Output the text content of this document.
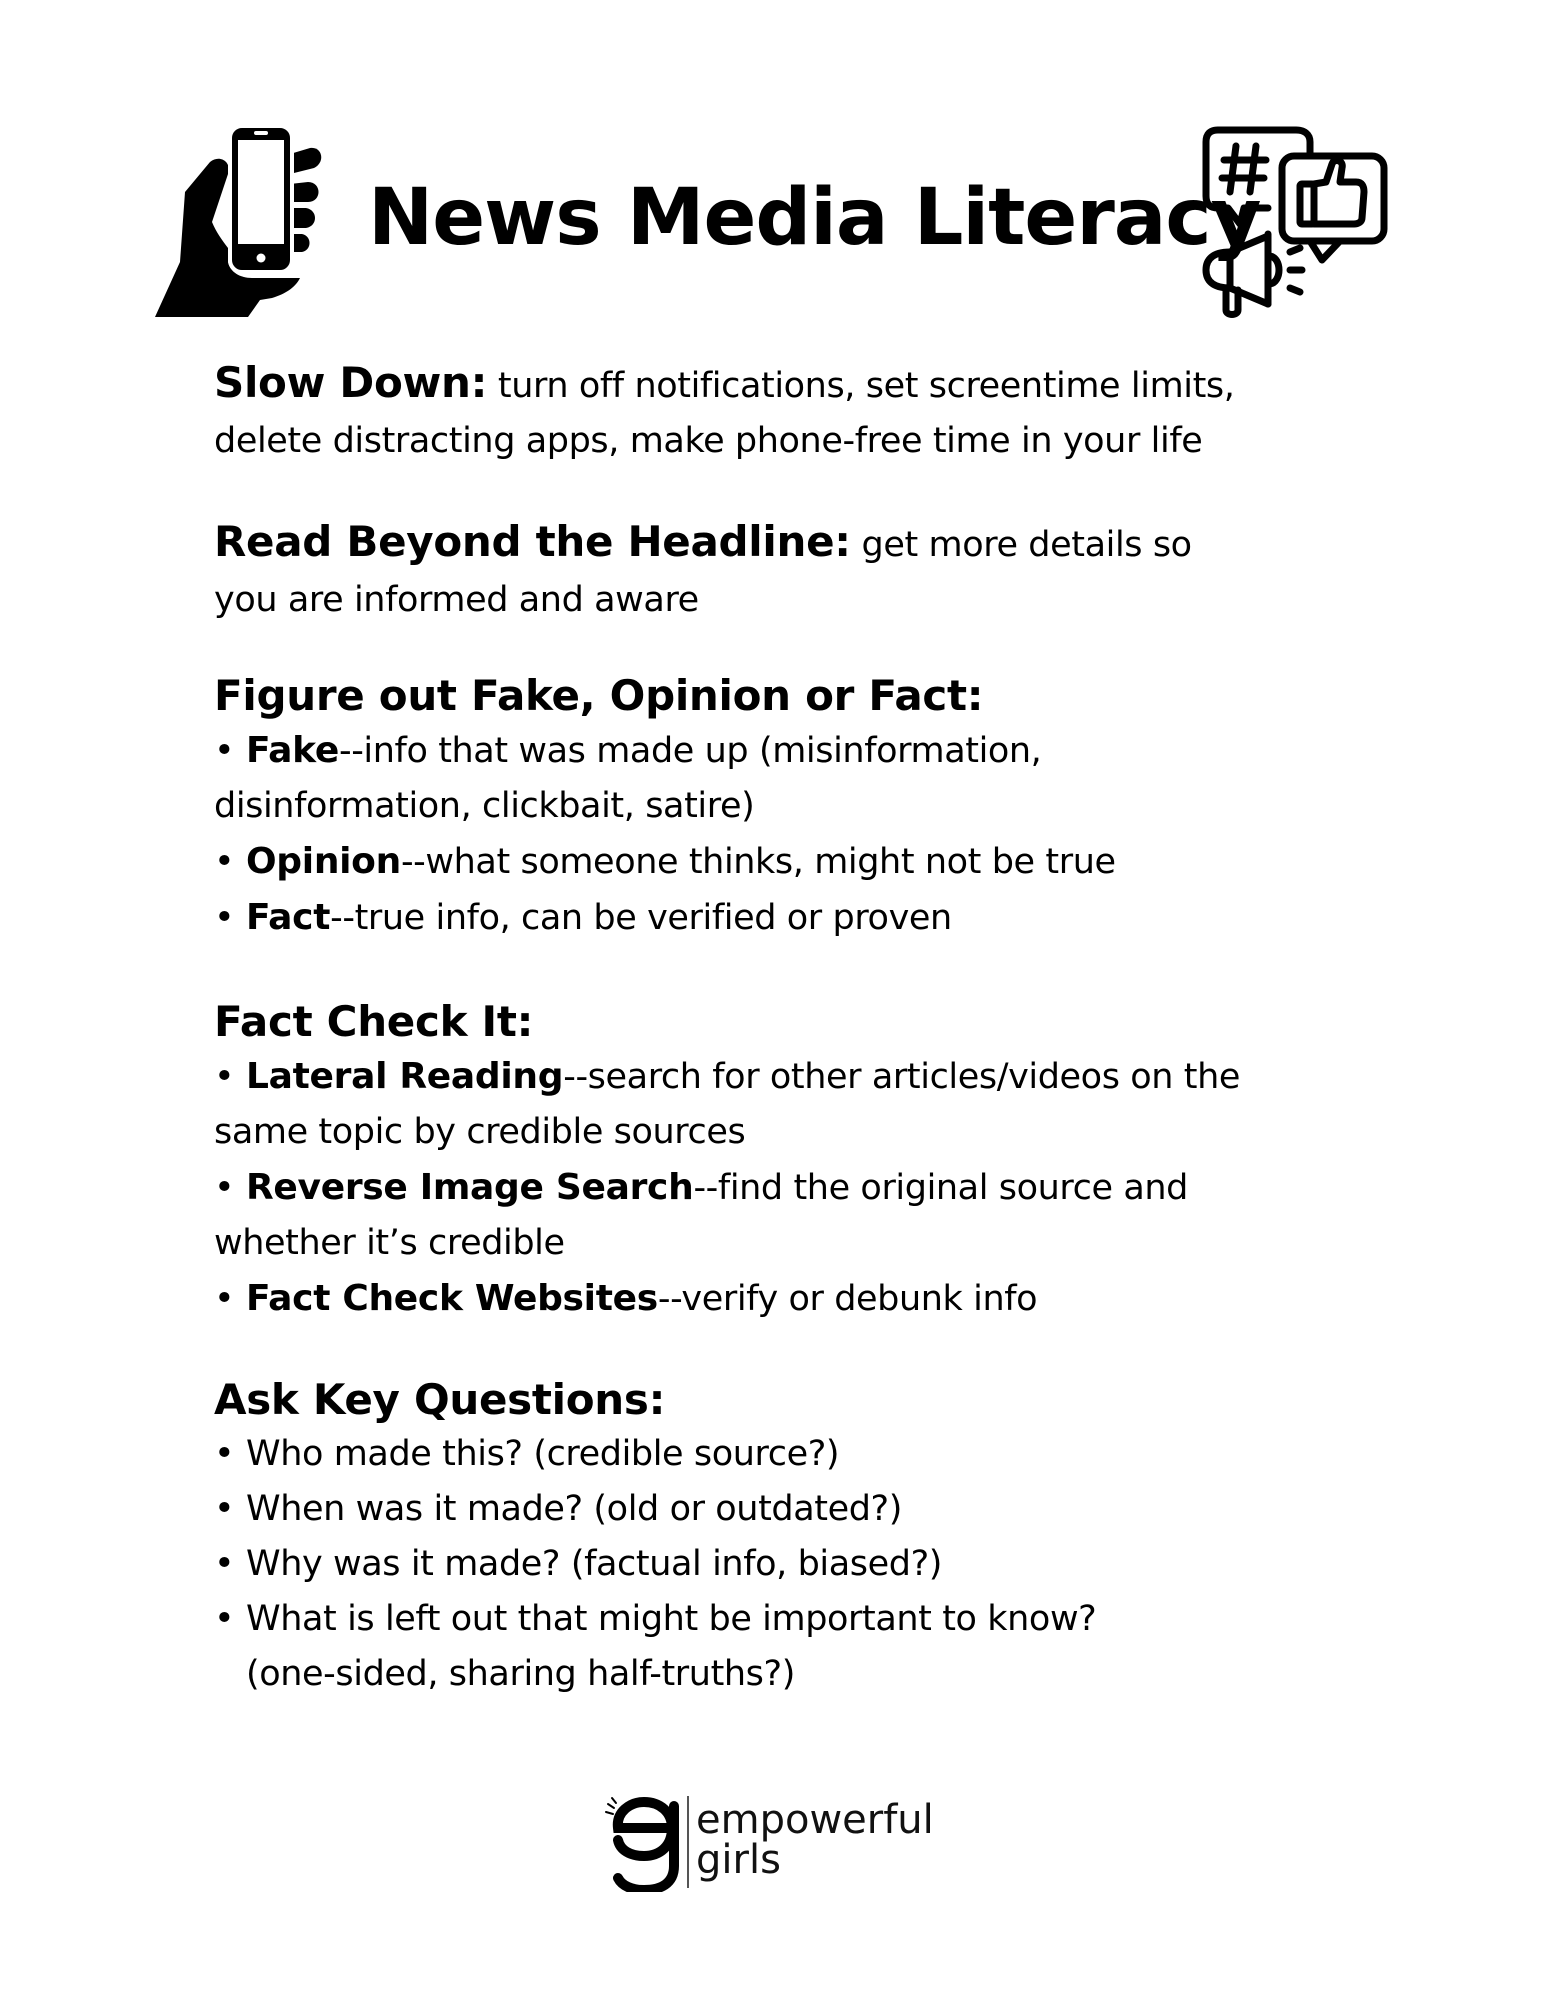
News Media Literacy
Slow Down: turn off notifications, set screentime limits,
delete distracting apps, make phone-free time in your life
Read Beyond the Headline: get more details so
you are informed and aware
Figure out Fake, Opinion or Fact:
• Fake--info that was made up (misinformation,
disinformation, clickbait, satire)
• Opinion--what someone thinks, might not be true
• Fact--true info, can be verified or proven
Fact Check It:
• Lateral Reading--search for other articles/videos on the
same topic by credible sources
• Reverse Image Search--find the original source and
whether it’s credible
• Fact Check Websites--verify or debunk info
Ask Key Questions:
• Who made this? (credible source?)
• When was it made? (old or outdated?)
• Why was it made? (factual info, biased?)
• What is left out that might be important to know?
(one-sided, sharing half-truths?)
empowerful
girls
